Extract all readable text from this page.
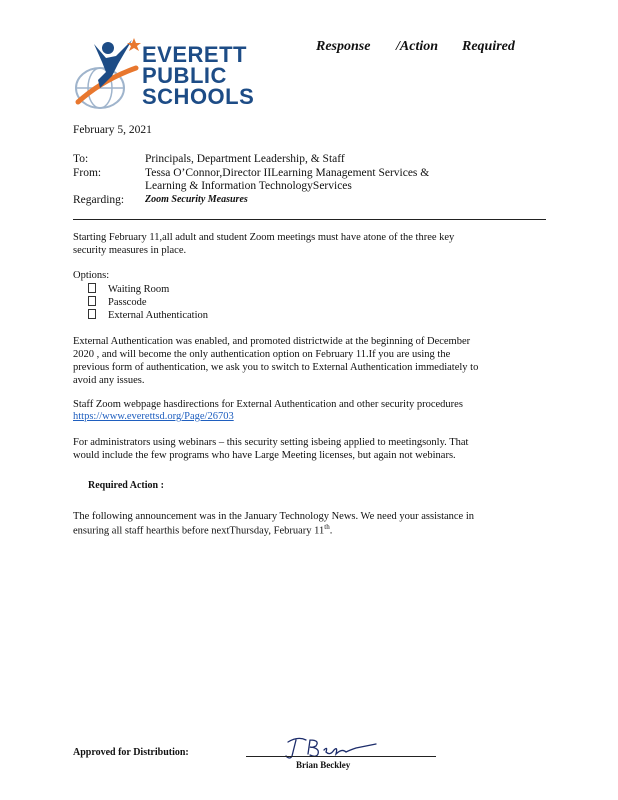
EVERETT
PUBLIC
SCHOOLS
Response /Action Required
February 5, 2021
To:	Principals, Department Leadership, & Staff
From:	Tessa O’Connor,Director IILearning Management Services &
Learning & Information TechnologyServices
Regarding: Zoom Security Measures
Starting February 11,all adult and student Zoom meetings must have atone of the three key
security measures in place.
Options:
Waiting Room
Passcode
External Authentication
External Authentication was enabled, and promoted districtwide at the beginning of December
2020 , and will become the only authentication option on February 11.If you are using the
previous form of authentication, we ask you to switch to External Authentication immediately to
avoid any issues.
Staff Zoom webpage hasdirections for External Authentication and other security procedures
https://www.everettsd.org/Page/26703
For administrators using webinars – this security setting isbeing applied to meetingsonly. That
would include the few programs who have Large Meeting licenses, but again not webinars.
Required Action :
The following announcement was in the January Technology News. We need your assistance in
ensuring all staff hearthis before nextThursday, February 11th.
Approved for Distribution:
Brian Beckley
